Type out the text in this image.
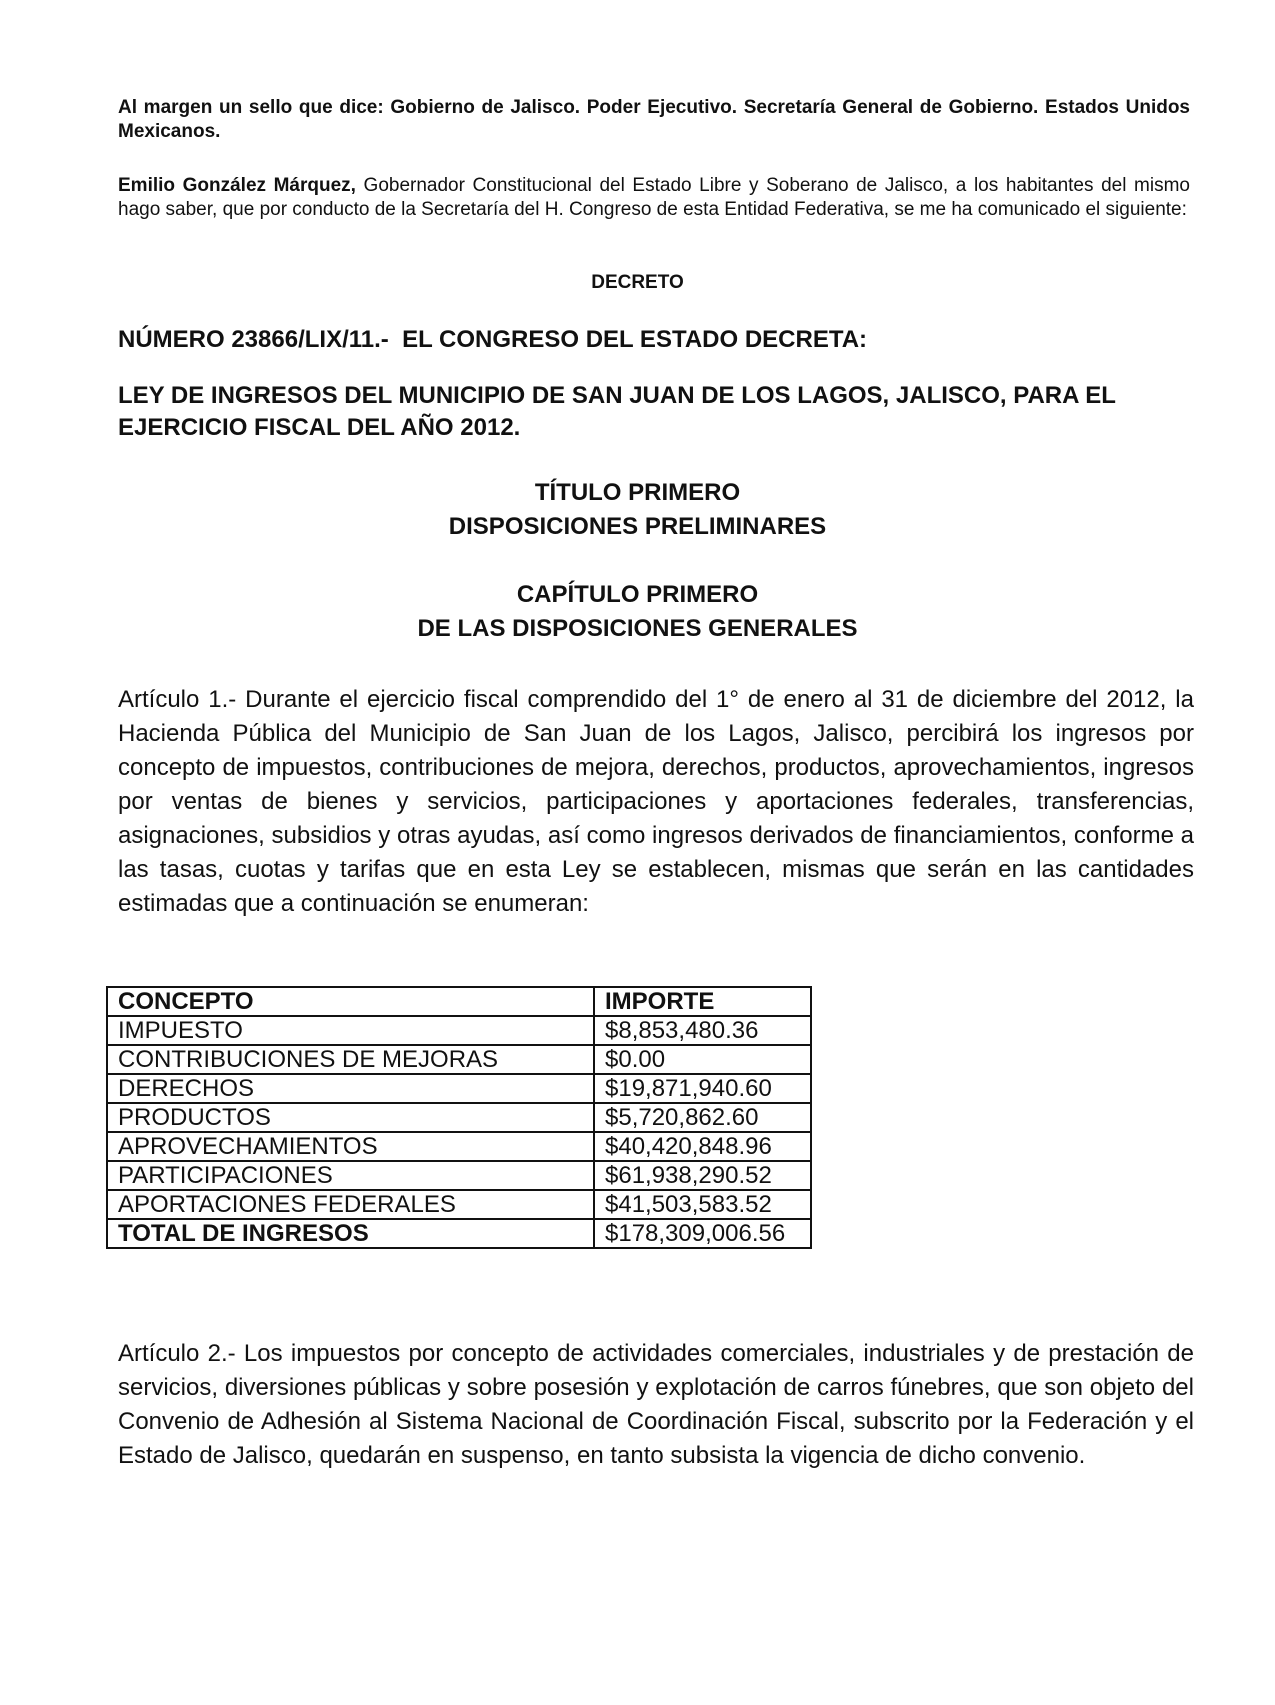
Al margen un sello que dice: Gobierno de Jalisco. Poder Ejecutivo. Secretaría General de Gobierno. Estados Unidos Mexicanos.
Emilio González Márquez, Gobernador Constitucional del Estado Libre y Soberano de Jalisco, a los habitantes del mismo hago saber, que por conducto de la Secretaría del H. Congreso de esta Entidad Federativa, se me ha comunicado el siguiente:
DECRETO
NÚMERO 23866/LIX/11.-  EL CONGRESO DEL ESTADO DECRETA:
LEY DE INGRESOS DEL MUNICIPIO DE SAN JUAN DE LOS LAGOS, JALISCO, PARA EL EJERCICIO FISCAL DEL AÑO 2012.
TÍTULO PRIMERO
DISPOSICIONES PRELIMINARES
CAPÍTULO PRIMERO
DE LAS DISPOSICIONES GENERALES
Artículo 1.- Durante el ejercicio fiscal comprendido del 1° de enero al 31 de diciembre del 2012, la Hacienda Pública del Municipio de San Juan de los Lagos, Jalisco, percibirá los ingresos por concepto de impuestos, contribuciones de mejora, derechos, productos, aprovechamientos, ingresos por ventas de bienes y servicios, participaciones y aportaciones federales, transferencias, asignaciones, subsidios y otras ayudas, así como ingresos derivados de financiamientos, conforme a las tasas, cuotas y tarifas que en esta Ley se establecen, mismas que serán en las cantidades estimadas que a continuación se enumeran:
CONCEPTO	IMPORTE
IMPUESTO	$8,853,480.36
CONTRIBUCIONES DE MEJORAS	$0.00
DERECHOS	$19,871,940.60
PRODUCTOS	$5,720,862.60
APROVECHAMIENTOS	$40,420,848.96
PARTICIPACIONES	$61,938,290.52
APORTACIONES FEDERALES	$41,503,583.52
TOTAL DE INGRESOS	$178,309,006.56
Artículo 2.- Los impuestos por concepto de actividades comerciales, industriales y de prestación de servicios, diversiones públicas y sobre posesión y explotación de carros fúnebres, que son objeto del Convenio de Adhesión al Sistema Nacional de Coordinación Fiscal, subscrito por la Federación y el Estado de Jalisco, quedarán en suspenso, en tanto subsista la vigencia de dicho convenio.
